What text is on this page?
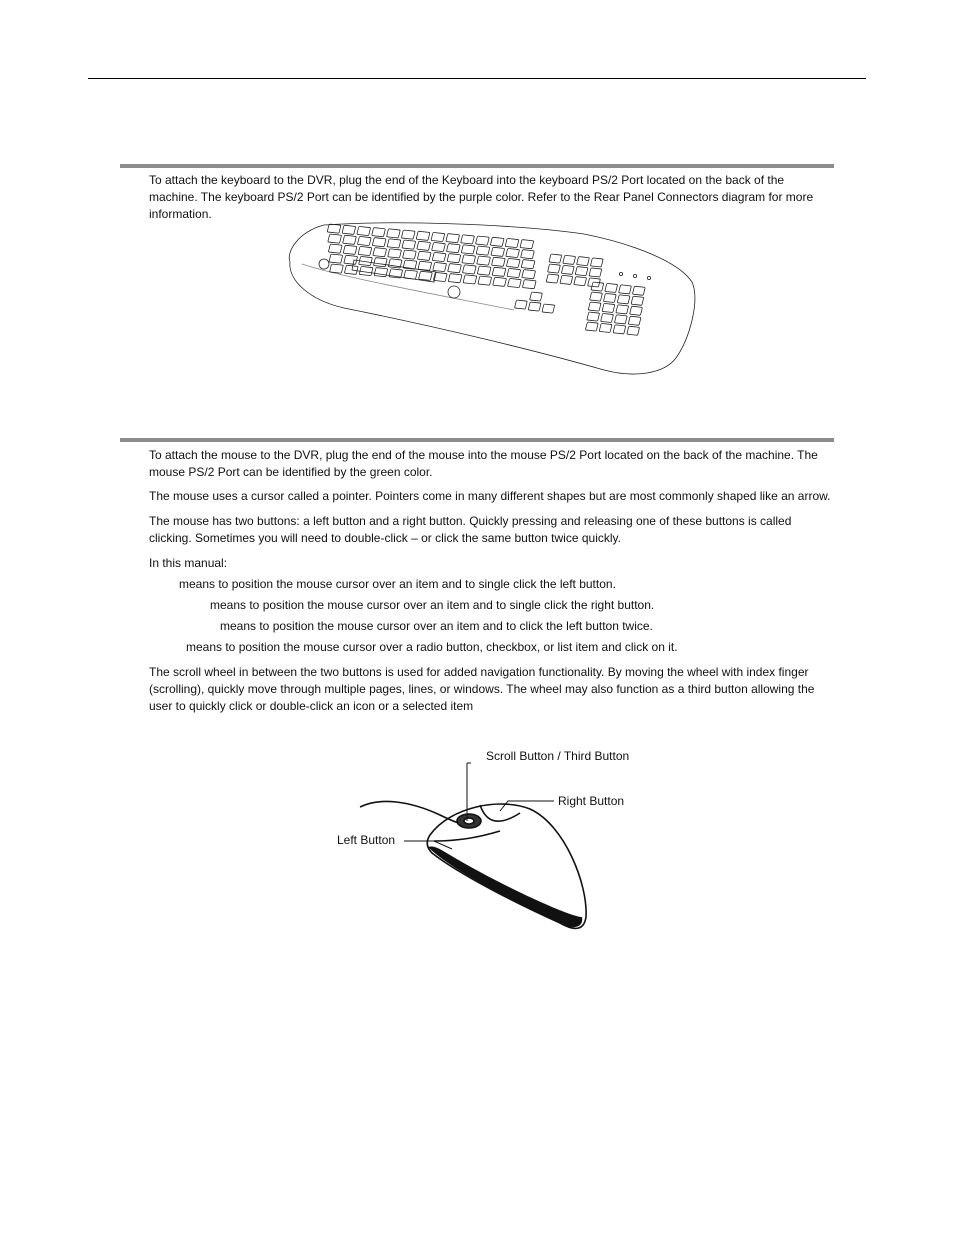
To attach the keyboard to the DVR, plug the end of the Keyboard into the keyboard PS/2 Port located on the back of the machine. The keyboard PS/2 Port can be identified by the purple color. Refer to the Rear Panel Connectors diagram for more information.

To attach the mouse to the DVR, plug the end of the mouse into the mouse PS/2 Port located on the back of the machine. The mouse PS/2 Port can be identified by the green color.

The mouse uses a cursor called a pointer. Pointers come in many different shapes but are most commonly shaped like an arrow.

The mouse has two buttons: a left button and a right button. Quickly pressing and releasing one of these buttons is called clicking. Sometimes you will need to double-click – or click the same button twice quickly.

In this manual:

means to position the mouse cursor over an item and to single click the left button.

means to position the mouse cursor over an item and to single click the right button.

means to position the mouse cursor over an item and to click the left button twice.

means to position the mouse cursor over a radio button, checkbox, or list item and click on it.

The scroll wheel in between the two buttons is used for added navigation functionality. By moving the wheel with index finger (scrolling), quickly move through multiple pages, lines, or windows. The wheel may also function as a third button allowing the user to quickly click or double-click an icon or a selected item

Scroll Button / Third Button
Right Button
Left Button
